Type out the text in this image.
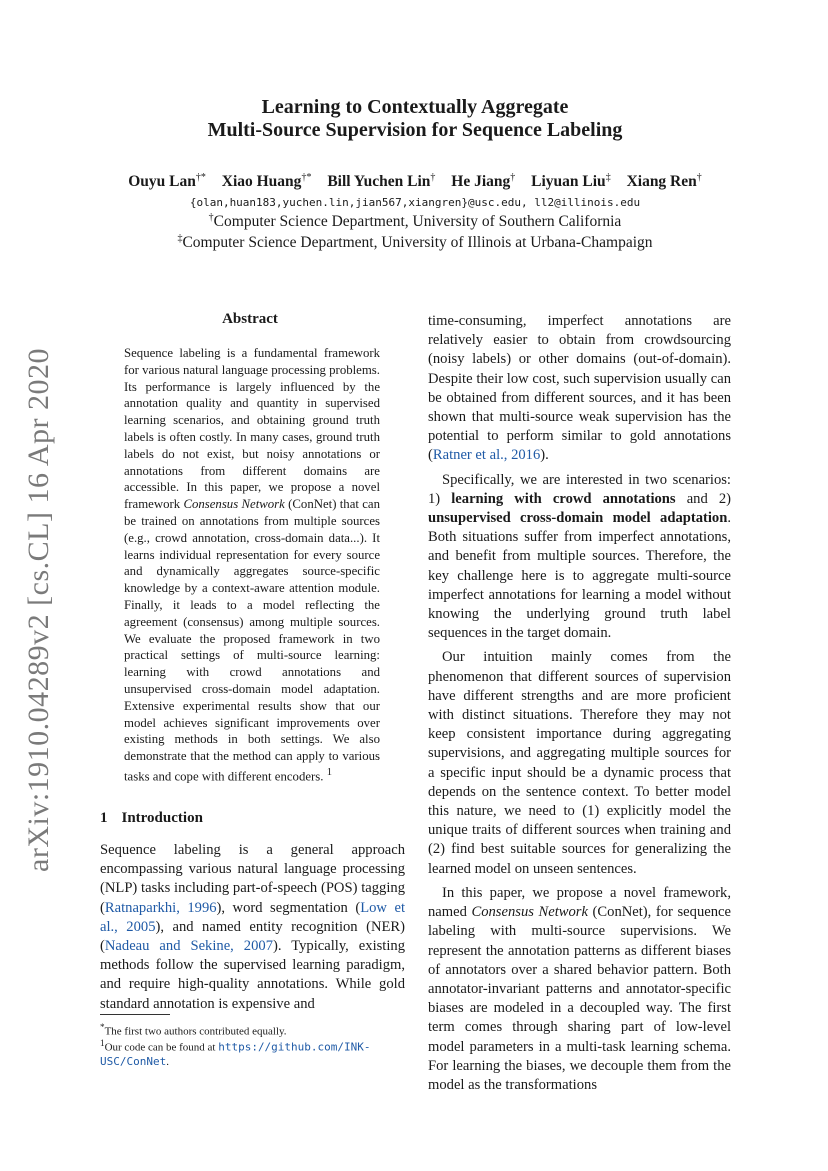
arXiv:1910.04289v2 [cs.CL] 16 Apr 2020
Learning to Contextually Aggregate
Multi-Source Supervision for Sequence Labeling
Ouyu Lan†* Xiao Huang†* Bill Yuchen Lin† He Jiang† Liyuan Liu‡ Xiang Ren†
{olan,huan183,yuchen.lin,jian567,xiangren}@usc.edu, ll2@illinois.edu
†Computer Science Department, University of Southern California
‡Computer Science Department, University of Illinois at Urbana-Champaign
Abstract
Sequence labeling is a fundamental framework for various natural language processing problems. Its performance is largely influenced by the annotation quality and quantity in supervised learning scenarios, and obtaining ground truth labels is often costly. In many cases, ground truth labels do not exist, but noisy annotations or annotations from different domains are accessible. In this paper, we propose a novel framework Consensus Network (ConNet) that can be trained on annotations from multiple sources (e.g., crowd annotation, cross-domain data...). It learns individual representation for every source and dynamically aggregates source-specific knowledge by a context-aware attention module. Finally, it leads to a model reflecting the agreement (consensus) among multiple sources. We evaluate the proposed framework in two practical settings of multi-source learning: learning with crowd annotations and unsupervised cross-domain model adaptation. Extensive experimental results show that our model achieves significant improvements over existing methods in both settings. We also demonstrate that the method can apply to various tasks and cope with different encoders. $^1$
1 Introduction

Sequence labeling is a general approach encompassing various natural language processing (NLP) tasks including part-of-speech (POS) tagging (Ratnaparkhi, 1996), word segmentation (Low et al., 2005), and named entity recognition (NER) (Nadeau and Sekine, 2007). Typically, existing methods follow the supervised learning paradigm, and require high-quality annotations. While gold standard annotation is expensive and

*The first two authors contributed equally.
$^1$Our code can be found at https://github.com/INK-USC/ConNet.

time-consuming, imperfect annotations are relatively easier to obtain from crowdsourcing (noisy labels) or other domains (out-of-domain). Despite their low cost, such supervision usually can be obtained from different sources, and it has been shown that multi-source weak supervision has the potential to perform similar to gold annotations (Ratner et al., 2016).

Specifically, we are interested in two scenarios: 1) learning with crowd annotations and 2) unsupervised cross-domain model adaptation. Both situations suffer from imperfect annotations, and benefit from multiple sources. Therefore, the key challenge here is to aggregate multi-source imperfect annotations for learning a model without knowing the underlying ground truth label sequences in the target domain.

Our intuition mainly comes from the phenomenon that different sources of supervision have different strengths and are more proficient with distinct situations. Therefore they may not keep consistent importance during aggregating supervisions, and aggregating multiple sources for a specific input should be a dynamic process that depends on the sentence context. To better model this nature, we need to (1) explicitly model the unique traits of different sources when training and (2) find best suitable sources for generalizing the learned model on unseen sentences.

In this paper, we propose a novel framework, named Consensus Network (ConNet), for sequence labeling with multi-source supervisions. We represent the annotation patterns as different biases of annotators over a shared behavior pattern. Both annotator-invariant patterns and annotator-specific biases are modeled in a decoupled way. The first term comes through sharing part of low-level model parameters in a multi-task learning schema. For learning the biases, we decouple them from the model as the transformations
